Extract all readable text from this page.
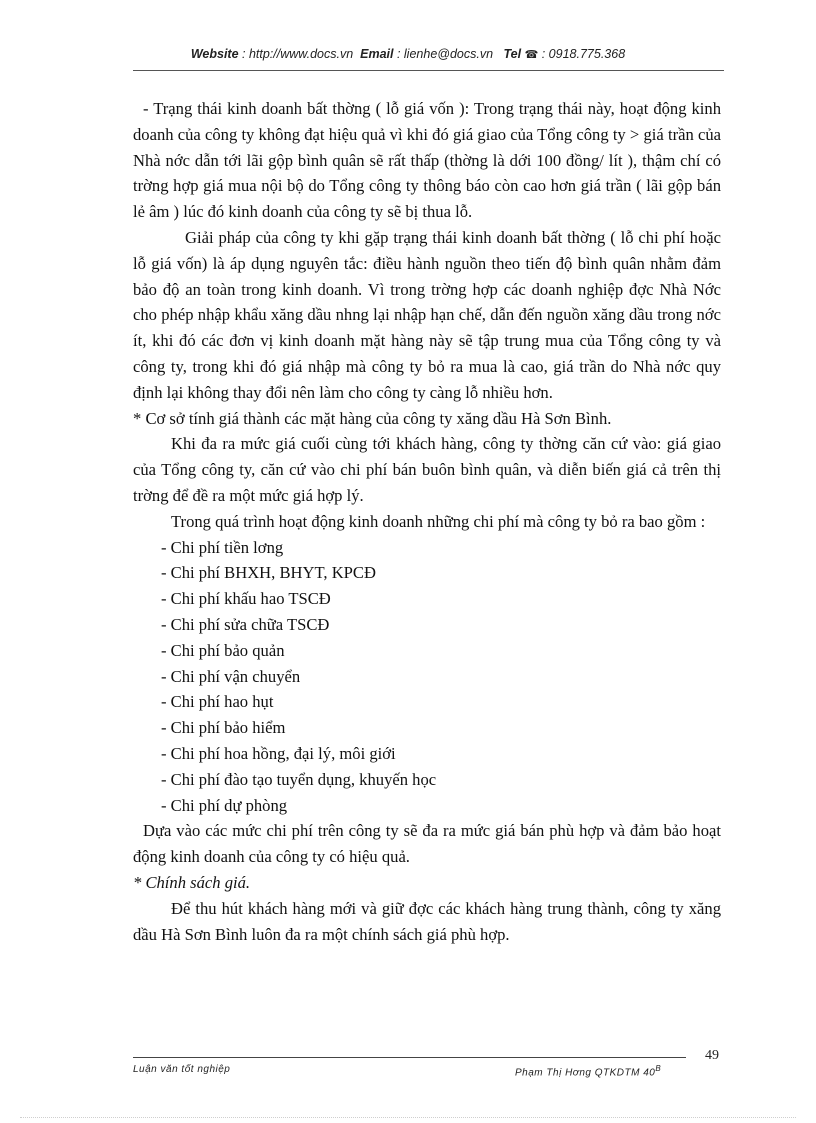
Website : http://www.docs.vn Email : lienhe@docs.vn Tel ☎ : 0918.775.368

- Trạng thái kinh doanh bất thờng ( lỗ giá vốn ): Trong trạng thái này, hoạt động kinh doanh của công ty không đạt hiệu quả vì khi đó giá giao của Tổng công ty > giá trần của Nhà nớc dẫn tới lãi gộp bình quân sẽ rất thấp (thờng là dới 100 đồng/ lít ), thậm chí có trờng hợp giá mua nội bộ do Tổng công ty thông báo còn cao hơn giá trần ( lãi gộp bán lẻ âm ) lúc đó kinh doanh của công ty sẽ bị thua lỗ.

Giải pháp của công ty khi gặp trạng thái kinh doanh bất thờng ( lỗ chi phí hoặc lỗ giá vốn) là áp dụng nguyên tắc: điều hành nguồn theo tiến độ bình quân nhằm đảm bảo độ an toàn trong kinh doanh. Vì trong trờng hợp các doanh nghiệp đợc Nhà Nớc cho phép nhập khẩu xăng dầu nhng lại nhập hạn chế, dẫn đến nguồn xăng dầu trong nớc ít, khi đó các đơn vị kinh doanh mặt hàng này sẽ tập trung mua của Tổng công ty và công ty, trong khi đó giá nhập mà công ty bỏ ra mua là cao, giá trần do Nhà nớc quy định lại không thay đổi nên làm cho công ty càng lỗ nhiều hơn.

* Cơ sở tính giá thành các mặt hàng của công ty xăng dầu Hà Sơn Bình.

Khi đa ra mức giá cuối cùng tới khách hàng, công ty thờng căn cứ vào: giá giao của Tổng công ty, căn cứ vào chi phí bán buôn bình quân, và diễn biến giá cả trên thị trờng để đề ra một mức giá hợp lý.

Trong quá trình hoạt động kinh doanh những chi phí mà công ty bỏ ra bao gồm :

- Chi phí tiền lơng
- Chi phí BHXH, BHYT, KPCĐ
- Chi phí khấu hao TSCĐ
- Chi phí sửa chữa TSCĐ
- Chi phí bảo quản
- Chi phí vận chuyển
- Chi phí hao hụt
- Chi phí bảo hiểm
- Chi phí hoa hồng, đại lý, môi giới
- Chi phí đào tạo tuyển dụng, khuyến học
- Chi phí dự phòng

Dựa vào các mức chi phí trên công ty sẽ đa ra mức giá bán phù hợp và đảm bảo hoạt động kinh doanh của công ty có hiệu quả.

* Chính sách giá.

Để thu hút khách hàng mới và giữ đợc các khách hàng trung thành, công ty xăng dầu Hà Sơn Bình luôn đa ra một chính sách giá phù hợp.

Luận văn tốt nghiệp	Phạm Thị Hơng QTKDTM $40^B$
49
